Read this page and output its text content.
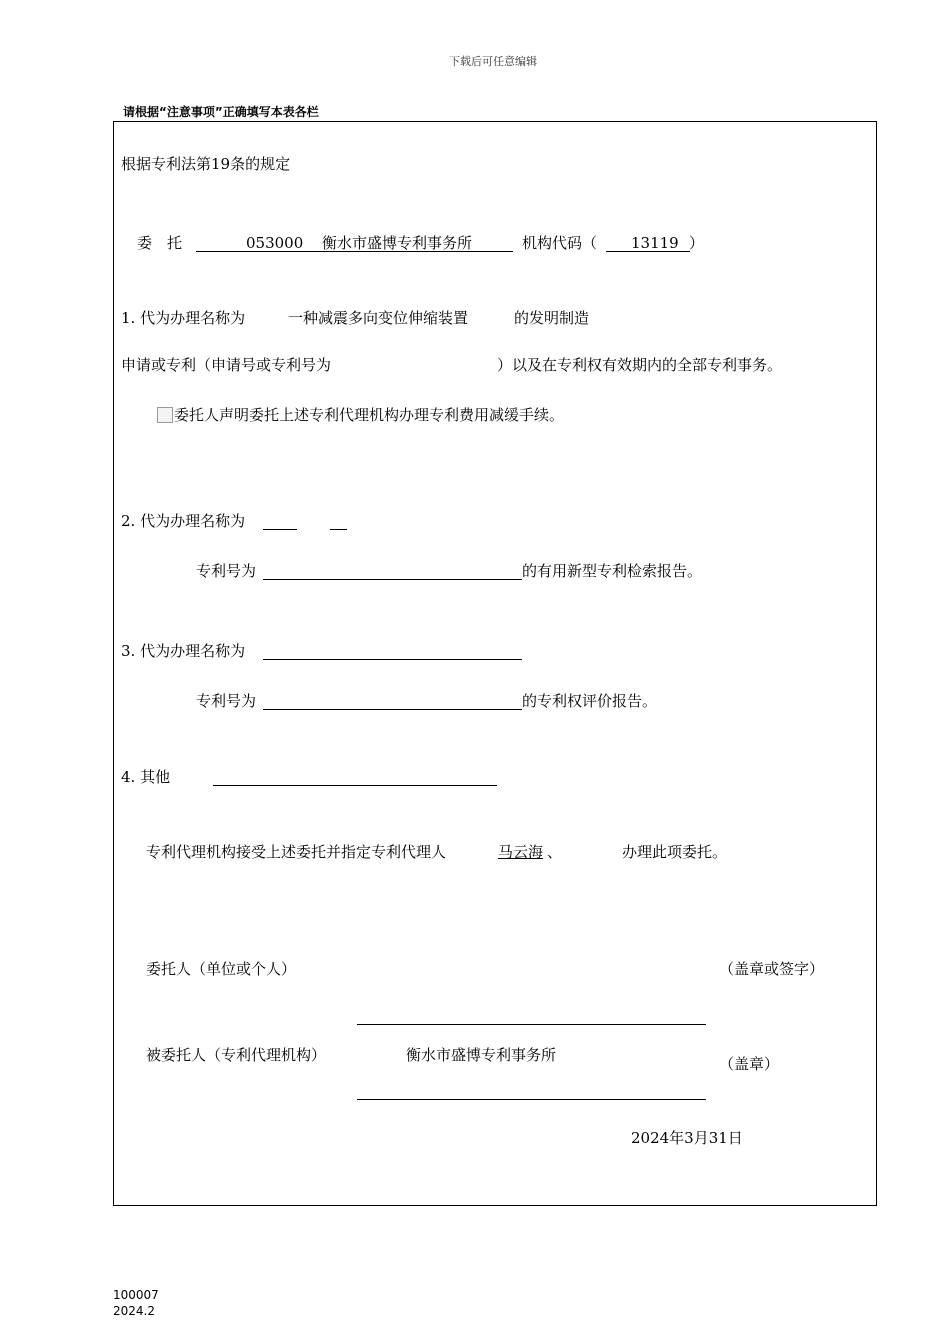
下载后可任意编辑
请根据“注意事项”正确填写本表各栏
根据专利法第19条的规定
委　托	053000 衡水市盛博专利事务所	机构代码（ 13119 ）
1. 代为办理名称为	一种减震多向变位伸缩装置	的发明制造
申请或专利（申请号或专利号为	）以及在专利权有效期内的全部专利事务。
委托人声明委托上述专利代理机构办理专利费用减缓手续。
2. 代为办理名称为
专利号为	的有用新型专利检索报告。
3. 代为办理名称为
专利号为	的专利权评价报告。
4. 其他
专利代理机构接受上述委托并指定专利代理人	马云海 、	办理此项委托。
委托人（单位或个人）	（盖章或签字）
被委托人（专利代理机构）	衡水市盛博专利事务所	（盖章）
2024年3月31日
100007
2024.2
